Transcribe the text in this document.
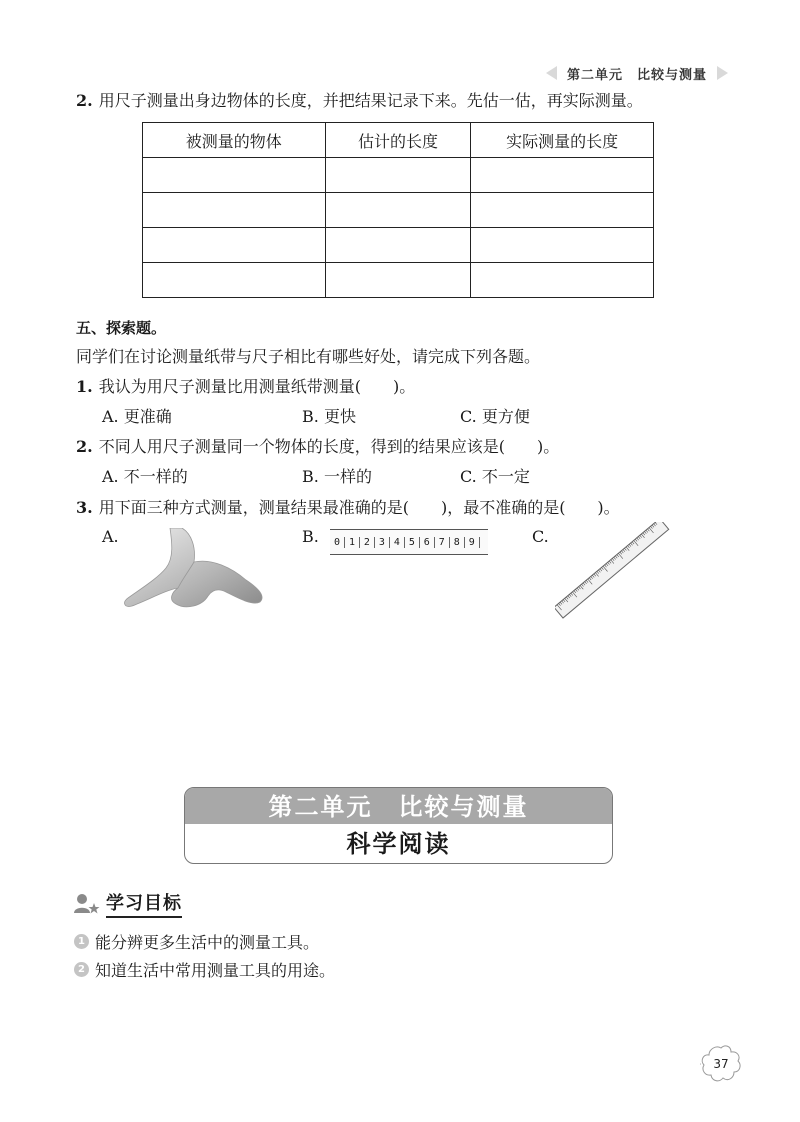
第二单元 比较与测量
2. 用尺子测量出身边物体的长度，并把结果记录下来。先估一估，再实际测量。
被测量的物体	估计的长度	实际测量的长度

五、探索题。
同学们在讨论测量纸带与尺子相比有哪些好处，请完成下列各题。
1. 我认为用尺子测量比用测量纸带测量(　　)。
A. 更准确	B. 更快	C. 更方便
2. 不同人用尺子测量同一个物体的长度，得到的结果应该是(　　)。
A. 不一样的	B. 一样的	C. 不一定
3. 用下面三种方式测量，测量结果最准确的是(　　)，最不准确的是(　　)。
A.	B.	C.
0 1 2 3 4 5 6 7 8 9
第二单元 比较与测量
科学阅读
学习目标
1 能分辨更多生活中的测量工具。
2 知道生活中常用测量工具的用途。
37
